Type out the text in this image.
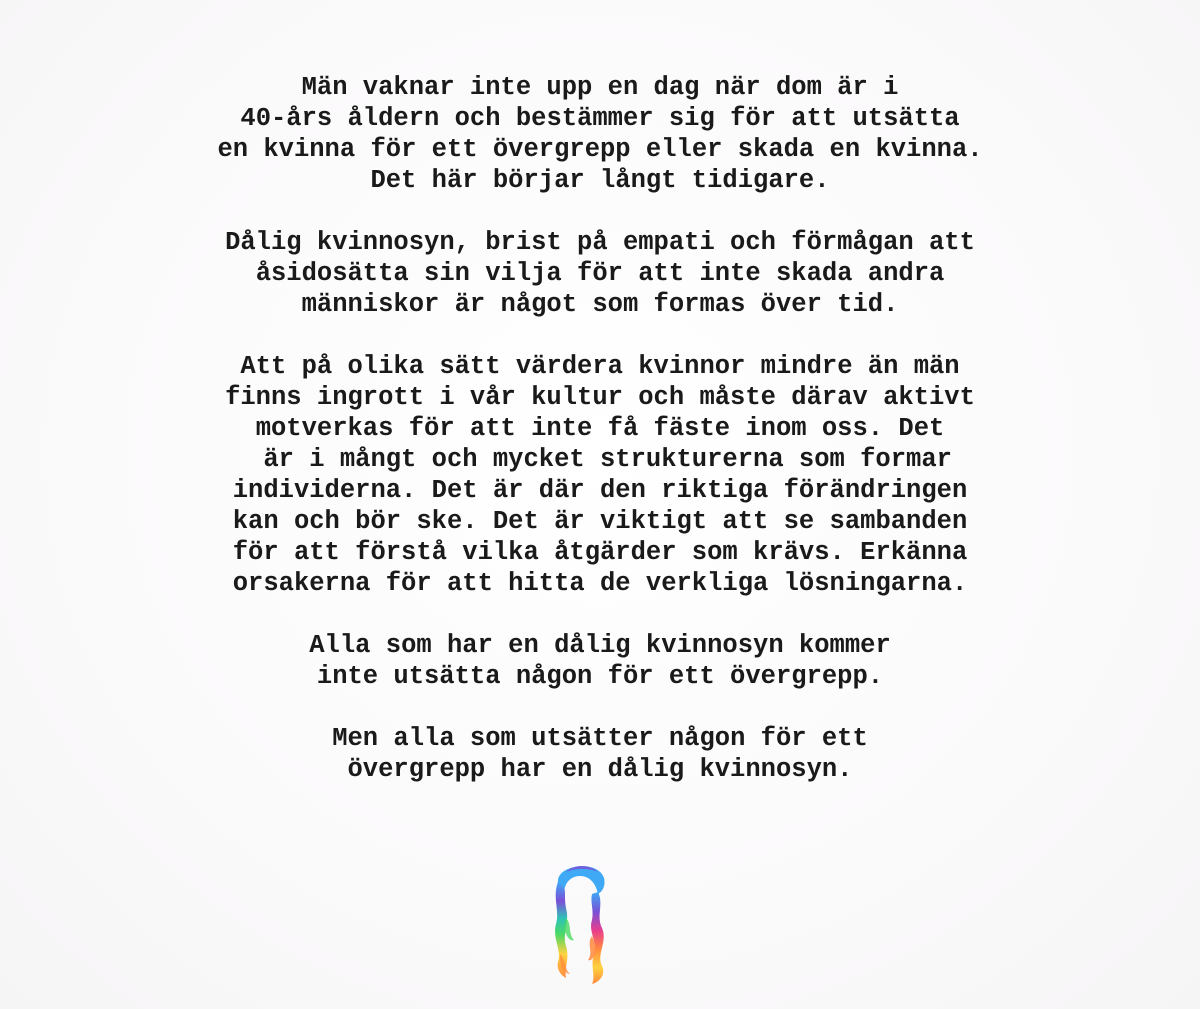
Män vaknar inte upp en dag när dom är i
40-års åldern och bestämmer sig för att utsätta
en kvinna för ett övergrepp eller skada en kvinna.
Det här börjar långt tidigare.
Dålig kvinnosyn, brist på empati och förmågan att
åsidosätta sin vilja för att inte skada andra
människor är något som formas över tid.
Att på olika sätt värdera kvinnor mindre än män
finns ingrott i vår kultur och måste därav aktivt
motverkas för att inte få fäste inom oss. Det
är i mångt och mycket strukturerna som formar
individerna. Det är där den riktiga förändringen
kan och bör ske. Det är viktigt att se sambanden
för att förstå vilka åtgärder som krävs. Erkänna
orsakerna för att hitta de verkliga lösningarna.
Alla som har en dålig kvinnosyn kommer
inte utsätta någon för ett övergrepp.
Men alla som utsätter någon för ett
övergrepp har en dålig kvinnosyn.
